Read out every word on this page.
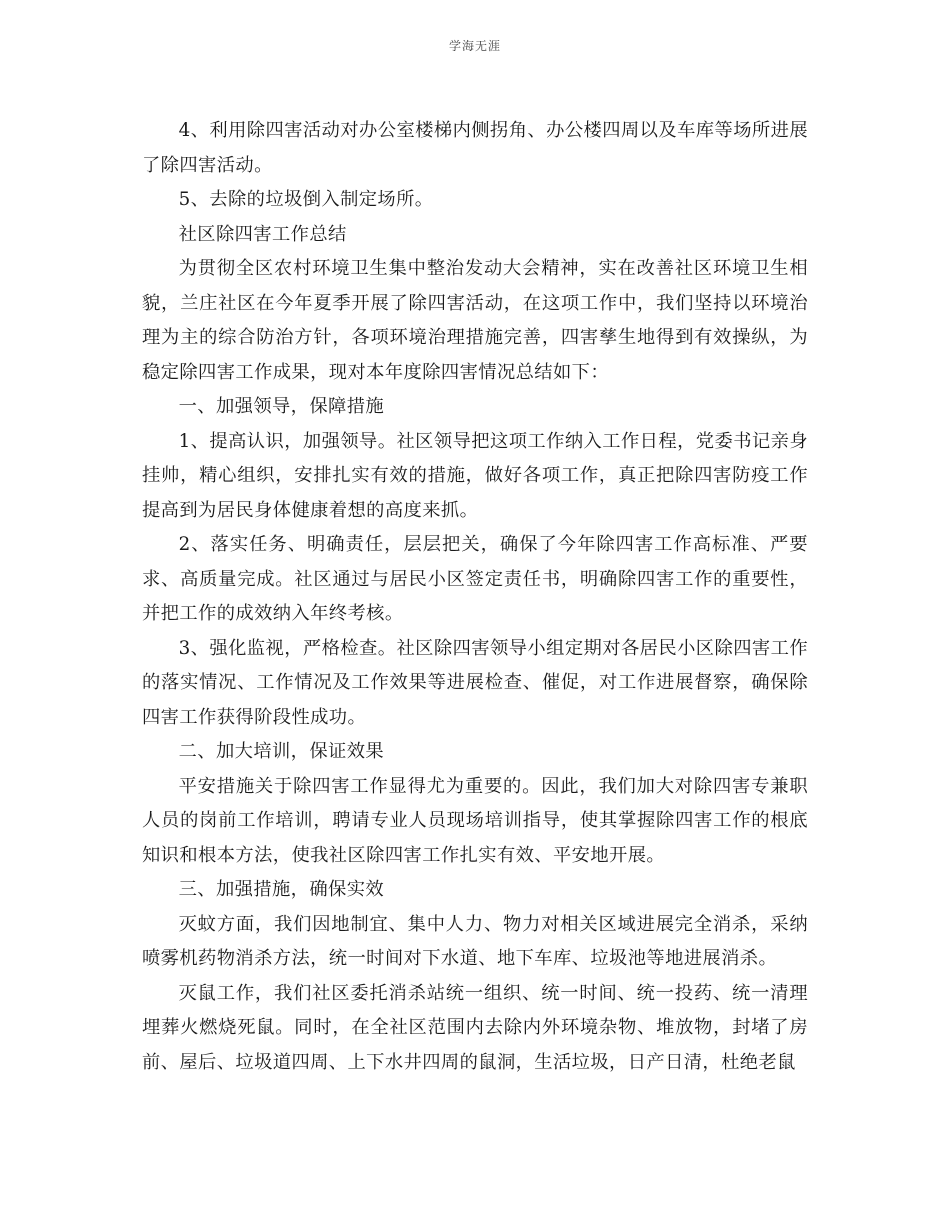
学海无涯

4、利用除四害活动对办公室楼梯内侧拐角、办公楼四周以及车库等场所进展了除四害活动。

5、去除的垃圾倒入制定场所。

社区除四害工作总结

为贯彻全区农村环境卫生集中整治发动大会精神，实在改善社区环境卫生相貌，兰庄社区在今年夏季开展了除四害活动，在这项工作中，我们坚持以环境治理为主的综合防治方针，各项环境治理措施完善，四害孳生地得到有效操纵，为稳定除四害工作成果，现对本年度除四害情况总结如下：

一、加强领导，保障措施

1、提高认识，加强领导。社区领导把这项工作纳入工作日程，党委书记亲身挂帅，精心组织，安排扎实有效的措施，做好各项工作，真正把除四害防疫工作提高到为居民身体健康着想的高度来抓。

2、落实任务、明确责任，层层把关，确保了今年除四害工作高标准、严要求、高质量完成。社区通过与居民小区签定责任书，明确除四害工作的重要性，并把工作的成效纳入年终考核。

3、强化监视，严格检查。社区除四害领导小组定期对各居民小区除四害工作的落实情况、工作情况及工作效果等进展检查、催促，对工作进展督察，确保除四害工作获得阶段性成功。

二、加大培训，保证效果

平安措施关于除四害工作显得尤为重要的。因此，我们加大对除四害专兼职人员的岗前工作培训，聘请专业人员现场培训指导，使其掌握除四害工作的根底知识和根本方法，使我社区除四害工作扎实有效、平安地开展。

三、加强措施，确保实效

灭蚊方面，我们因地制宜、集中人力、物力对相关区域进展完全消杀，采纳喷雾机药物消杀方法，统一时间对下水道、地下车库、垃圾池等地进展消杀。

灭鼠工作，我们社区委托消杀站统一组织、统一时间、统一投药、统一清理埋葬火燃烧死鼠。同时，在全社区范围内去除内外环境杂物、堆放物，封堵了房前、屋后、垃圾道四周、上下水井四周的鼠洞，生活垃圾，日产日清，杜绝老鼠
